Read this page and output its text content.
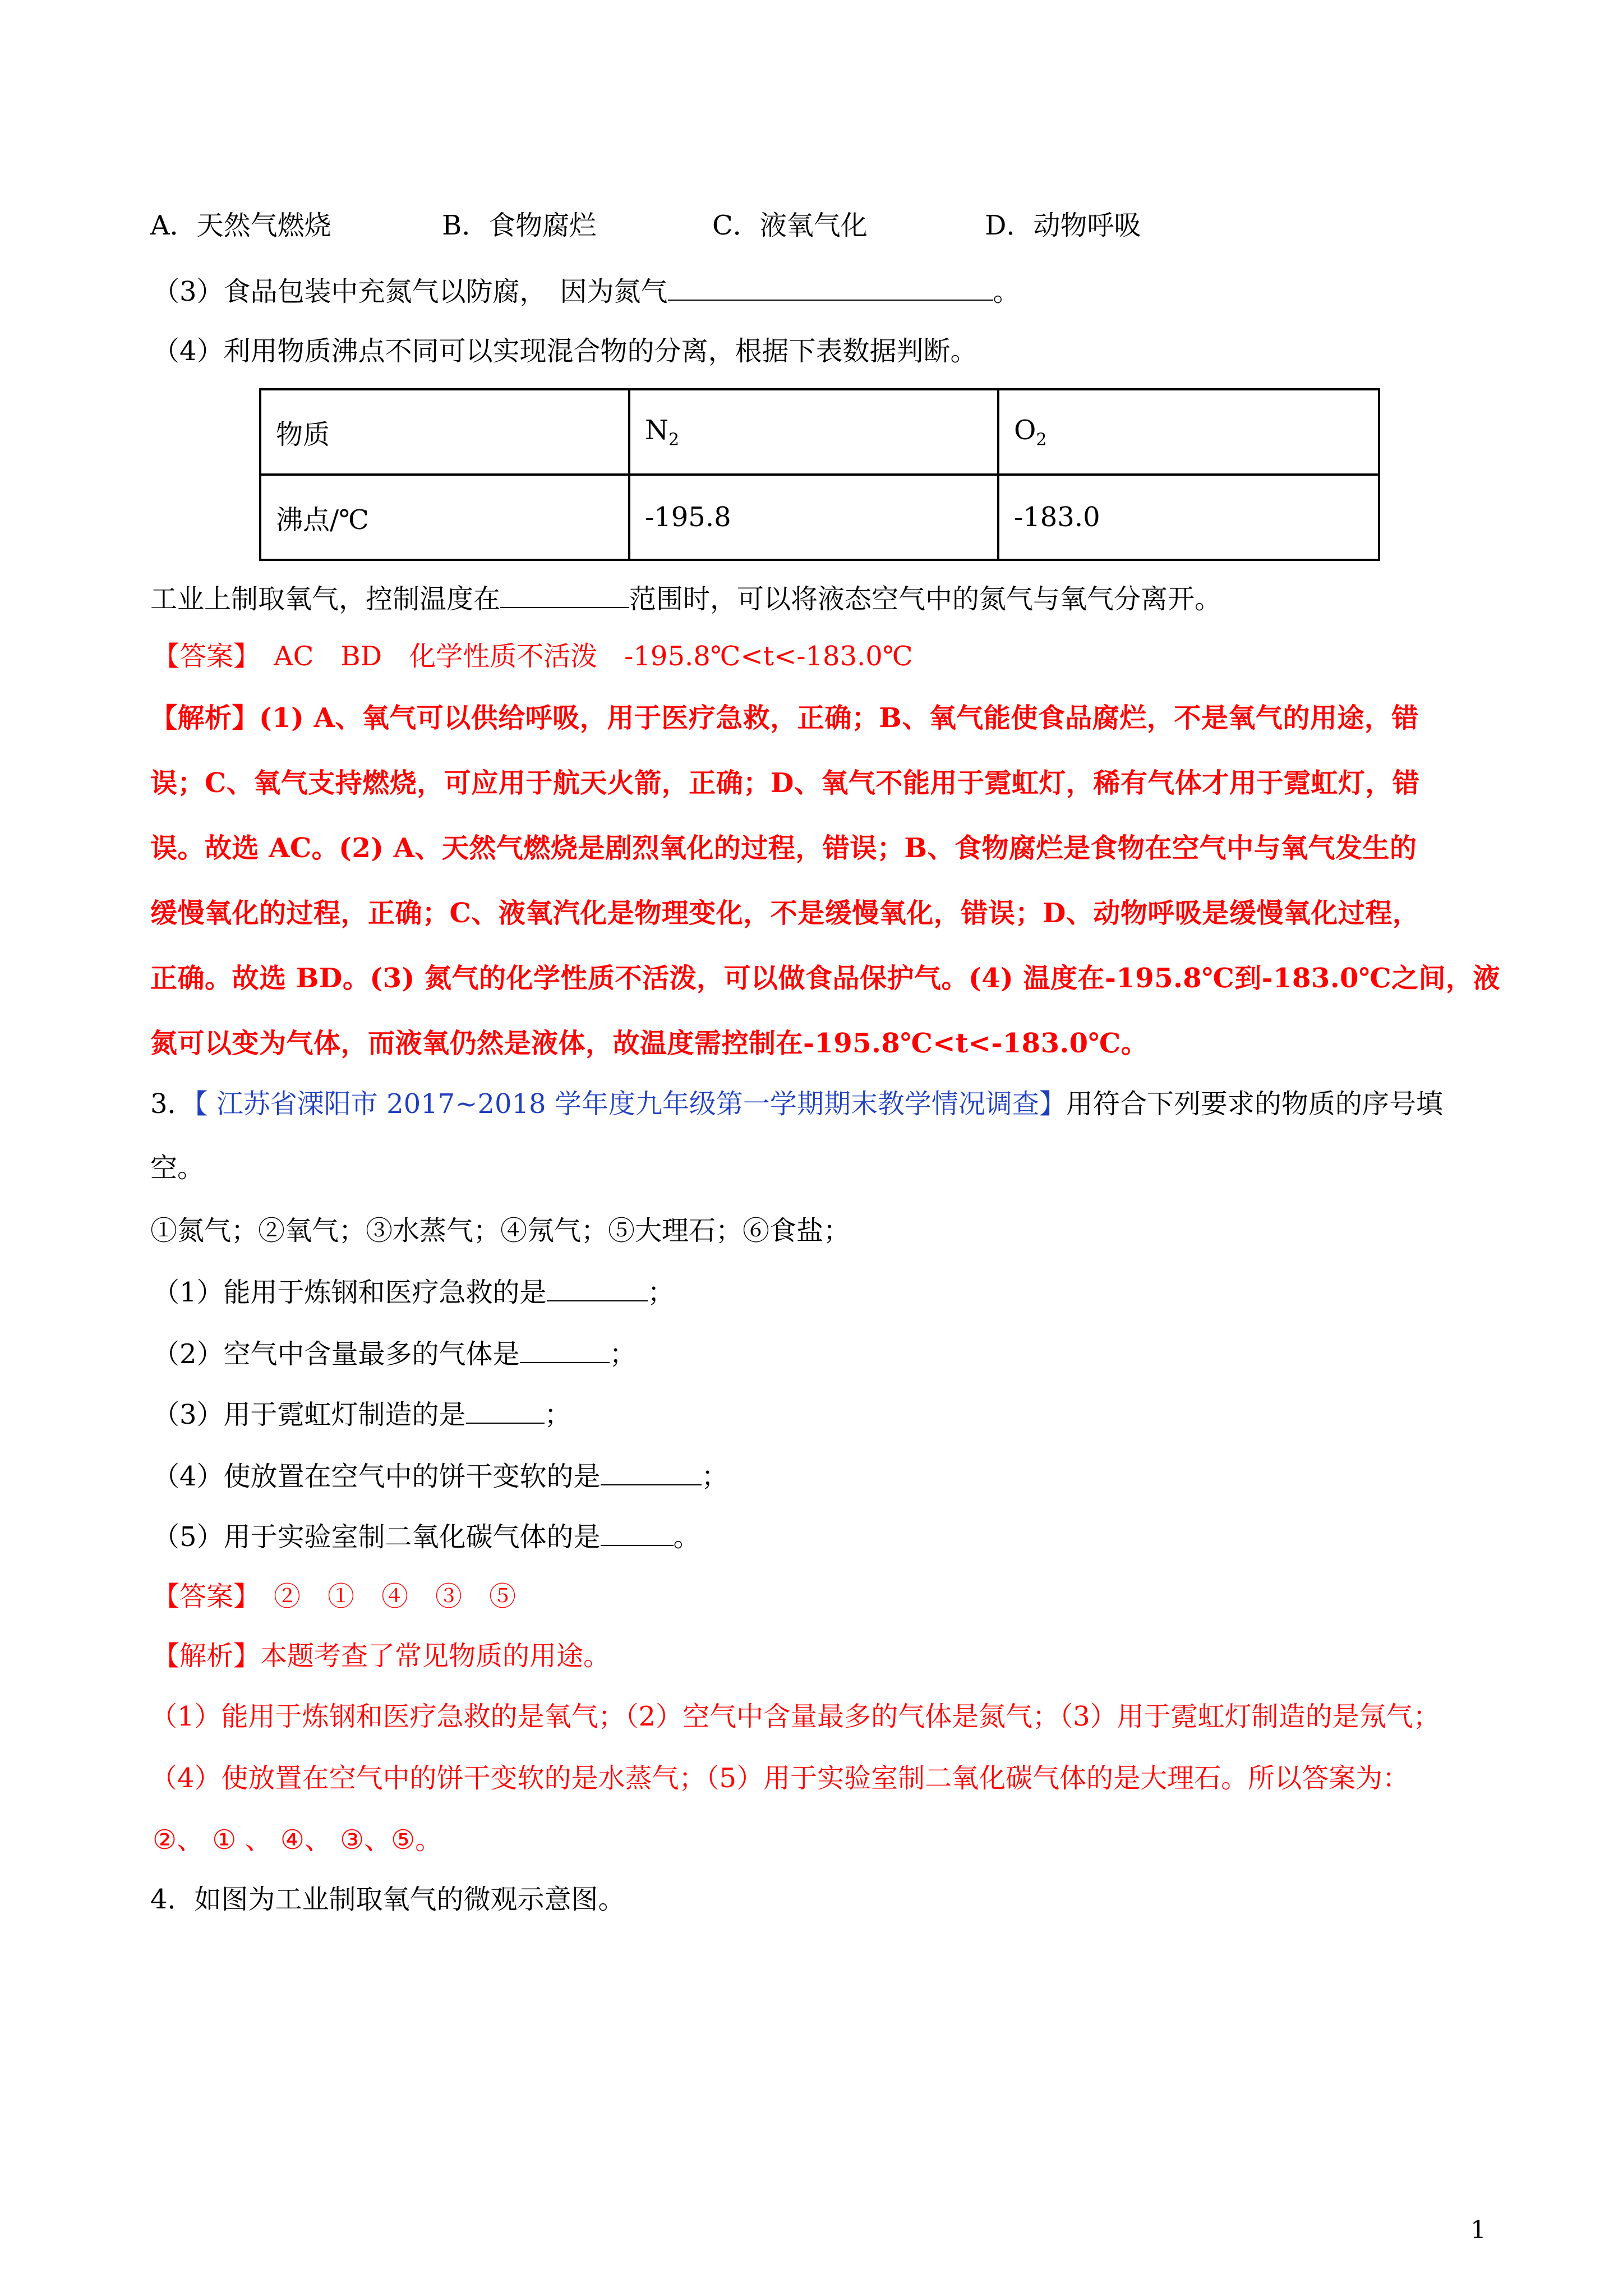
A．天然气燃烧	B．食物腐烂	C．液氧气化	D．动物呼吸
（3）食品包装中充氮气以防腐，　因为氮气	。
（4）利用物质沸点不同可以实现混合物的分离，根据下表数据判断。
物质	$N_2$	$O_2$
沸点/℃	-195.8	-183.0
工业上制取氧气，控制温度在	范围时，可以将液态空气中的氮气与氧气分离开。
【答案】　AC　BD　化学性质不活泼　-195.8℃<t<-183.0℃
【解析】(1) A、氧气可以供给呼吸，用于医疗急救，正确；B、氧气能使食品腐烂，不是氧气的用途，错
误；C、氧气支持燃烧，可应用于航天火箭，正确；D、氧气不能用于霓虹灯，稀有气体才用于霓虹灯，错
误。故选 AC。(2) A、天然气燃烧是剧烈氧化的过程，错误；B、食物腐烂是食物在空气中与氧气发生的
缓慢氧化的过程，正确；C、液氧汽化是物理变化，不是缓慢氧化，错误；D、动物呼吸是缓慢氧化过程，
正确。故选 BD。(3) 氮气的化学性质不活泼，可以做食品保护气。(4) 温度在-195.8℃到-183.0℃之间，液
氮可以变为气体，而液氧仍然是液体，故温度需控制在-195.8℃<t<-183.0℃。
3．【 江苏省溧阳市 2017~2018 学年度九年级第一学期期末教学情况调查】用符合下列要求的物质的序号填
空。
①氮气；②氧气；③水蒸气；④氖气；⑤大理石；⑥食盐；
（1）能用于炼钢和医疗急救的是	；
（2）空气中含量最多的气体是	；
（3）用于霓虹灯制造的是	；
（4）使放置在空气中的饼干变软的是	；
（5）用于实验室制二氧化碳气体的是	。
【答案】　②　①　④　③　⑤
【解析】本题考查了常见物质的用途。
（1）能用于炼钢和医疗急救的是氧气；（2）空气中含量最多的气体是氮气；（3）用于霓虹灯制造的是氖气；
（4）使放置在空气中的饼干变软的是水蒸气；（5）用于实验室制二氧化碳气体的是大理石。所以答案为：
②、 ① 、 ④、 ③、⑤。
4．如图为工业制取氧气的微观示意图。
1
